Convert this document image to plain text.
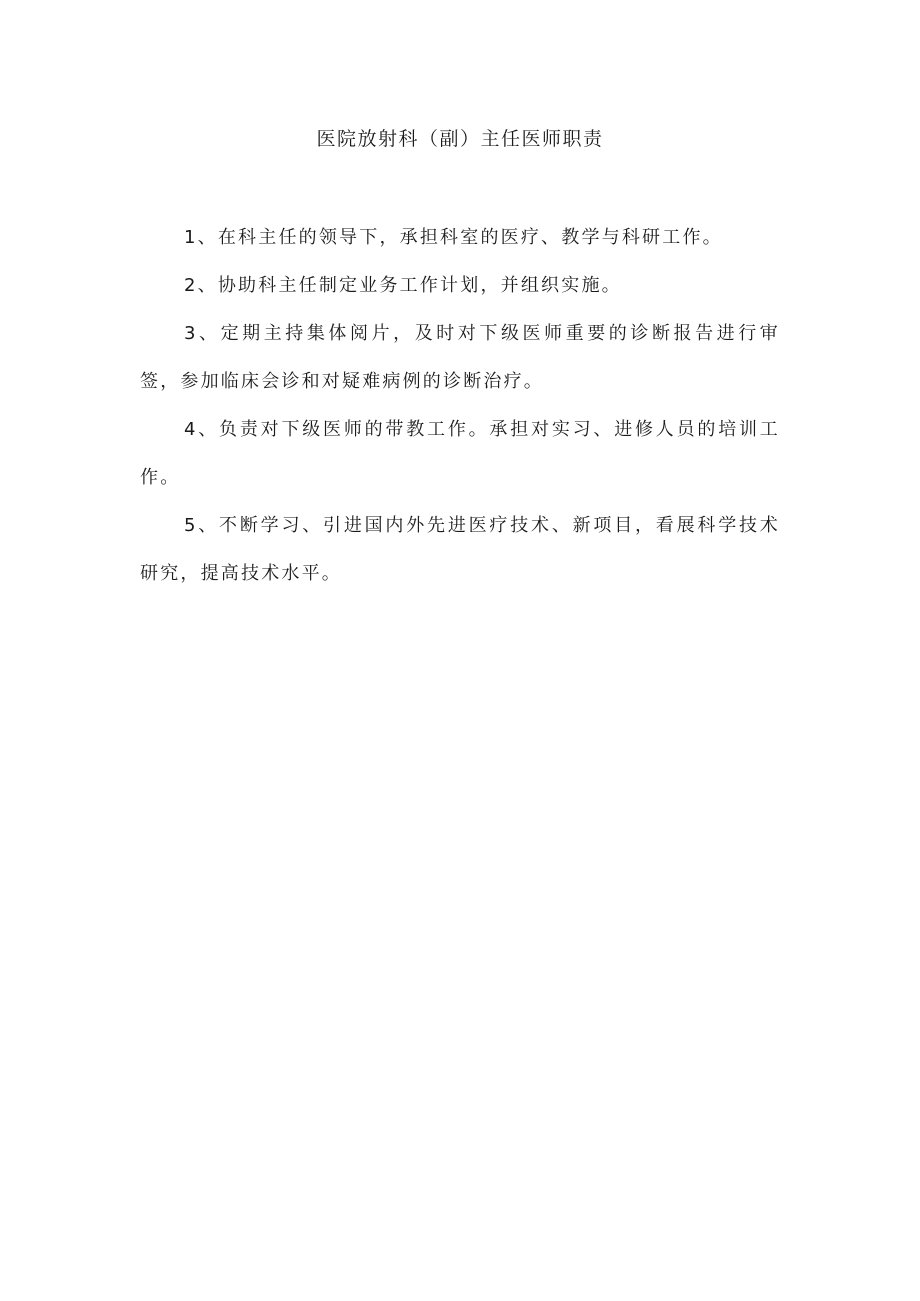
医院放射科（副）主任医师职责

1、在科主任的领导下，承担科室的医疗、教学与科研工作。

2、协助科主任制定业务工作计划，并组织实施。

3、定期主持集体阅片，及时对下级医师重要的诊断报告进行审签，参加临床会诊和对疑难病例的诊断治疗。

4、负责对下级医师的带教工作。承担对实习、进修人员的培训工作。

5、不断学习、引进国内外先进医疗技术、新项目，看展科学技术研究，提高技术水平。
